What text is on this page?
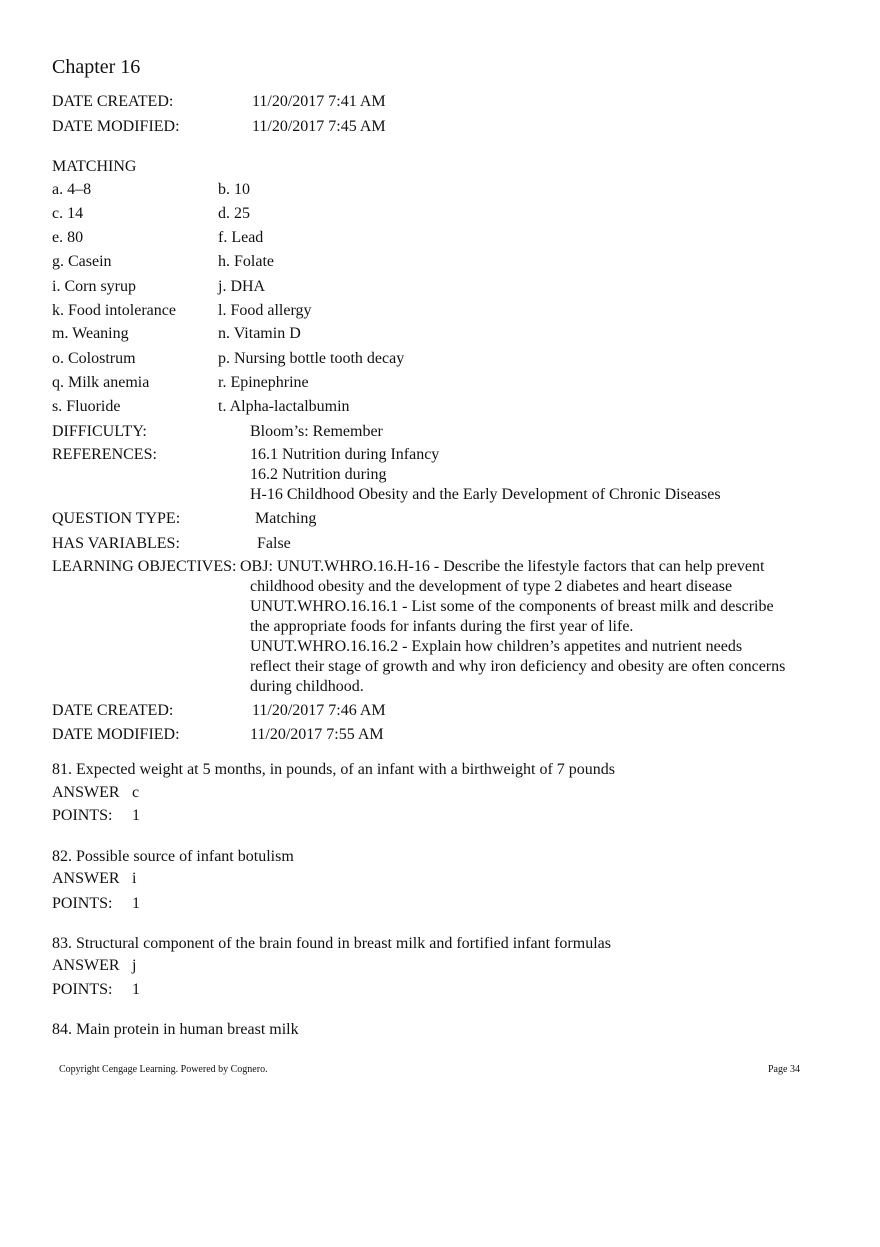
Chapter 16
DATE CREATED:	11/20/2017 7:41 AM
DATE MODIFIED:	11/20/2017 7:45 AM
MATCHING
a. 4–8	b. 10
c. 14	d. 25
e. 80	f. Lead
g. Casein	h. Folate
i. Corn syrup	j. DHA
k. Food intolerance	l. Food allergy
m. Weaning	n. Vitamin D
o. Colostrum	p. Nursing bottle tooth decay
q. Milk anemia	r. Epinephrine
s. Fluoride	t. Alpha-lactalbumin
DIFFICULTY:	Bloom’s: Remember
REFERENCES:	16.1 Nutrition during Infancy
16.2 Nutrition during
H-16 Childhood Obesity and the Early Development of Chronic Diseases
QUESTION TYPE:	Matching
HAS VARIABLES:	False
LEARNING OBJECTIVES: OBJ: UNUT.WHRO.16.H-16 - Describe the lifestyle factors that can help prevent
childhood obesity and the development of type 2 diabetes and heart disease
UNUT.WHRO.16.16.1 - List some of the components of breast milk and describe
the appropriate foods for infants during the first year of life.
UNUT.WHRO.16.16.2 - Explain how children’s appetites and nutrient needs
reflect their stage of growth and why iron deficiency and obesity are often concerns
during childhood.
DATE CREATED:	11/20/2017 7:46 AM
DATE MODIFIED:	11/20/2017 7:55 AM
81. Expected weight at 5 months, in pounds, of an infant with a birthweight of 7 pounds
ANSWER c
POINTS: 1
82. Possible source of infant botulism
ANSWER i
POINTS: 1
83. Structural component of the brain found in breast milk and fortified infant formulas
ANSWER j
POINTS: 1
84. Main protein in human breast milk
Copyright Cengage Learning. Powered by Cognero.	Page 34
